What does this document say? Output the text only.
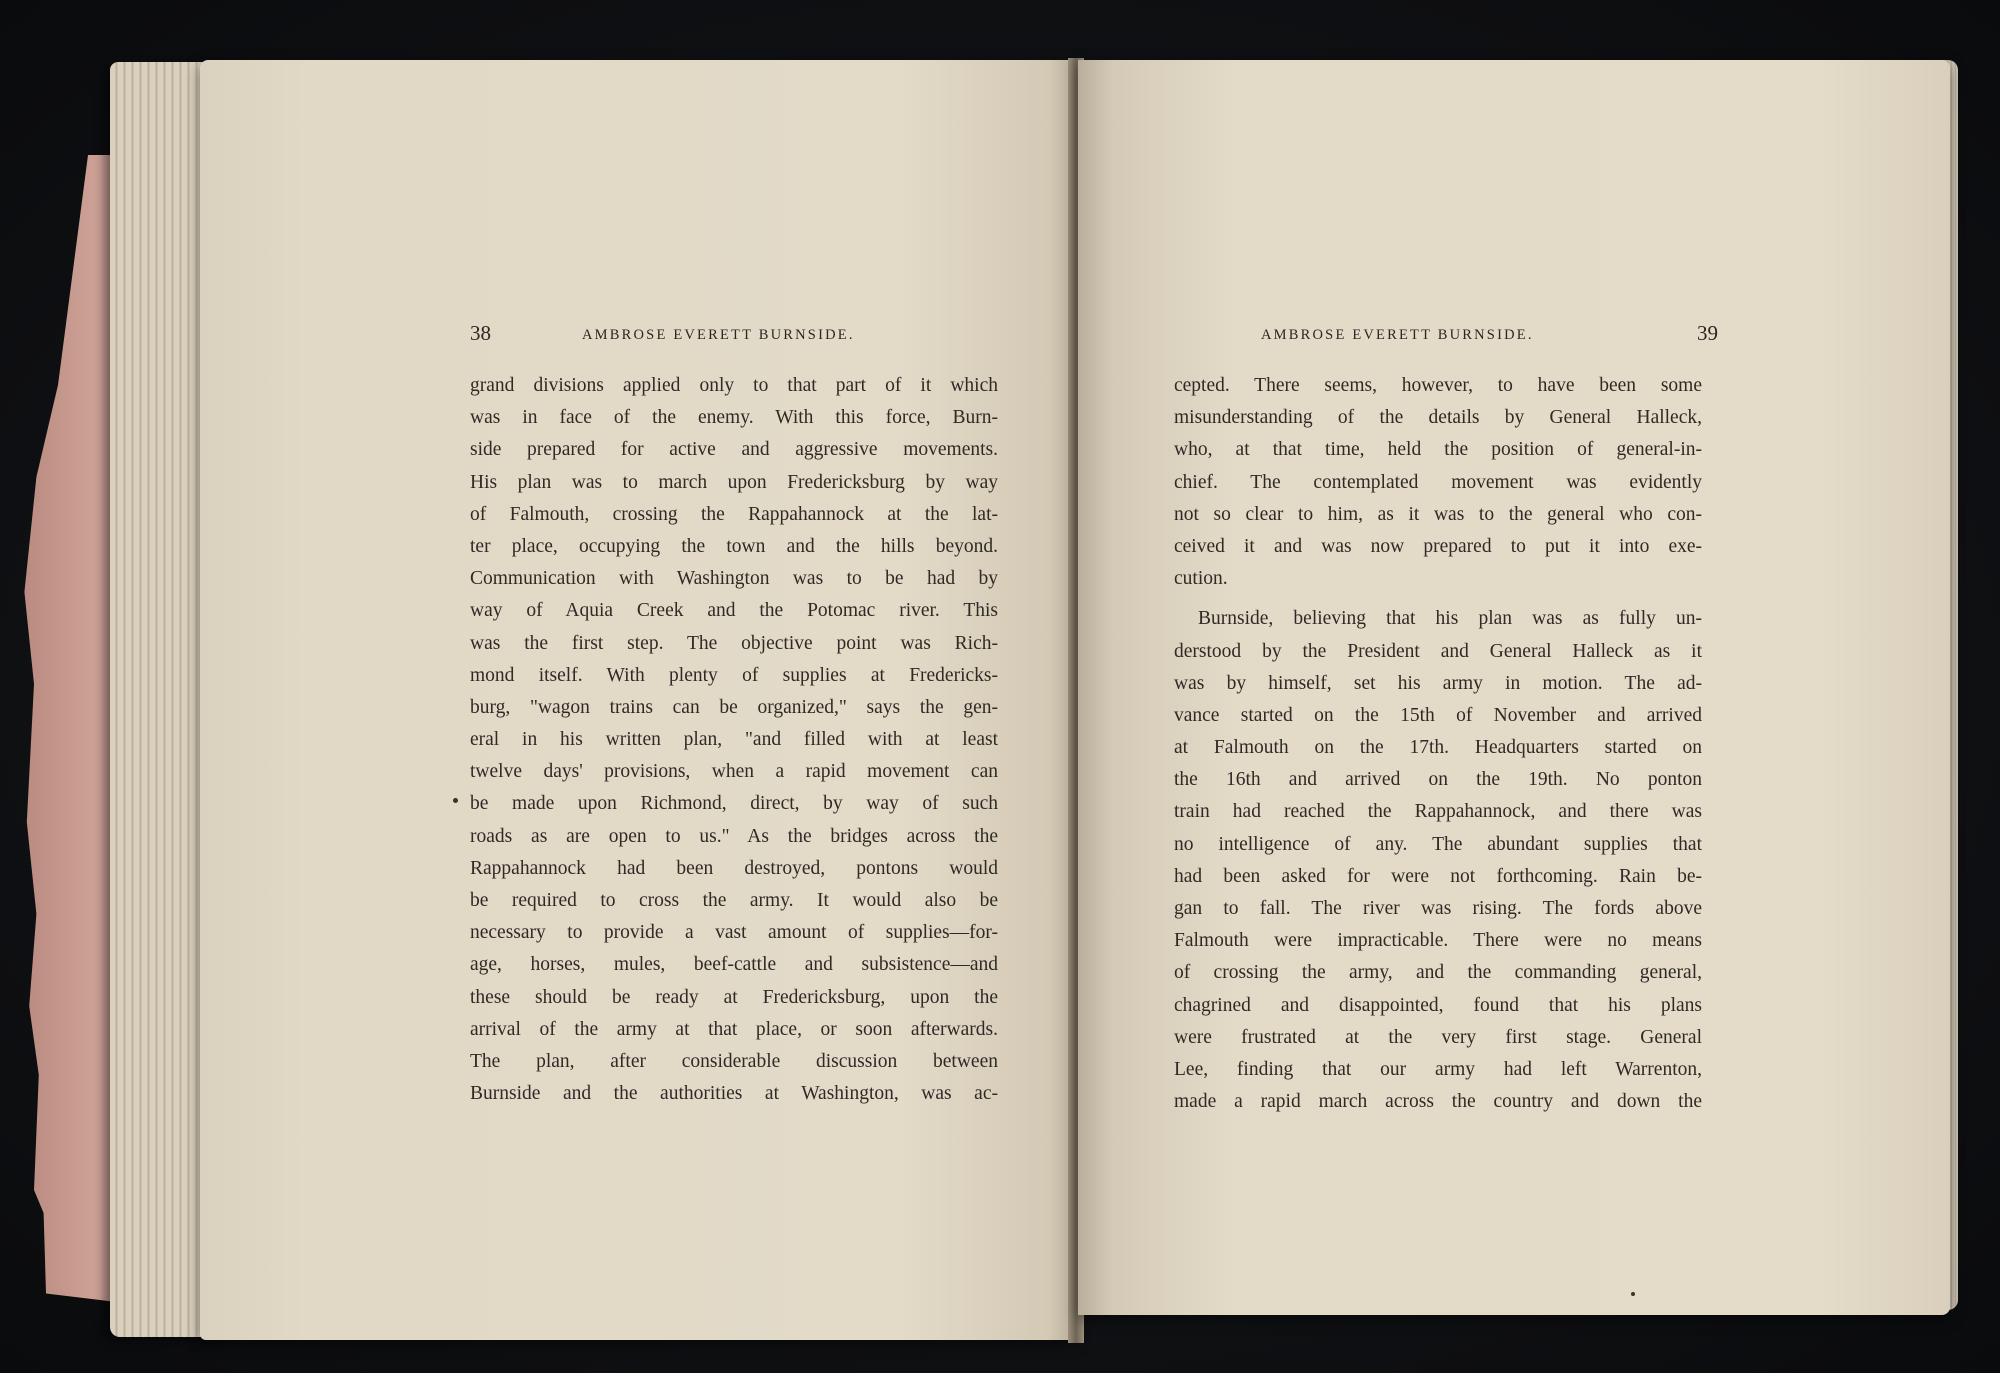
38	AMBROSE EVERETT BURNSIDE.
grand divisions applied only to that part of it which
was in face of the enemy. With this force, Burn-
side prepared for active and aggressive movements.
His plan was to march upon Fredericksburg by way
of Falmouth, crossing the Rappahannock at the lat-
ter place, occupying the town and the hills beyond.
Communication with Washington was to be had by
way of Aquia Creek and the Potomac river. This
was the first step. The objective point was Rich-
mond itself. With plenty of supplies at Fredericks-
burg, "wagon trains can be organized," says the gen-
eral in his written plan, "and filled with at least
twelve days' provisions, when a rapid movement can
be made upon Richmond, direct, by way of such
roads as are open to us." As the bridges across the
Rappahannock had been destroyed, pontons would
be required to cross the army. It would also be
necessary to provide a vast amount of supplies—for-
age, horses, mules, beef-cattle and subsistence—and
these should be ready at Fredericksburg, upon the
arrival of the army at that place, or soon afterwards.
The plan, after considerable discussion between
Burnside and the authorities at Washington, was ac-
AMBROSE EVERETT BURNSIDE.	39
cepted. There seems, however, to have been some
misunderstanding of the details by General Halleck,
who, at that time, held the position of general-in-
chief. The contemplated movement was evidently
not so clear to him, as it was to the general who con-
ceived it and was now prepared to put it into exe-
cution.
Burnside, believing that his plan was as fully un-
derstood by the President and General Halleck as it
was by himself, set his army in motion. The ad-
vance started on the 15th of November and arrived
at Falmouth on the 17th. Headquarters started on
the 16th and arrived on the 19th. No ponton
train had reached the Rappahannock, and there was
no intelligence of any. The abundant supplies that
had been asked for were not forthcoming. Rain be-
gan to fall. The river was rising. The fords above
Falmouth were impracticable. There were no means
of crossing the army, and the commanding general,
chagrined and disappointed, found that his plans
were frustrated at the very first stage. General
Lee, finding that our army had left Warrenton,
made a rapid march across the country and down the
